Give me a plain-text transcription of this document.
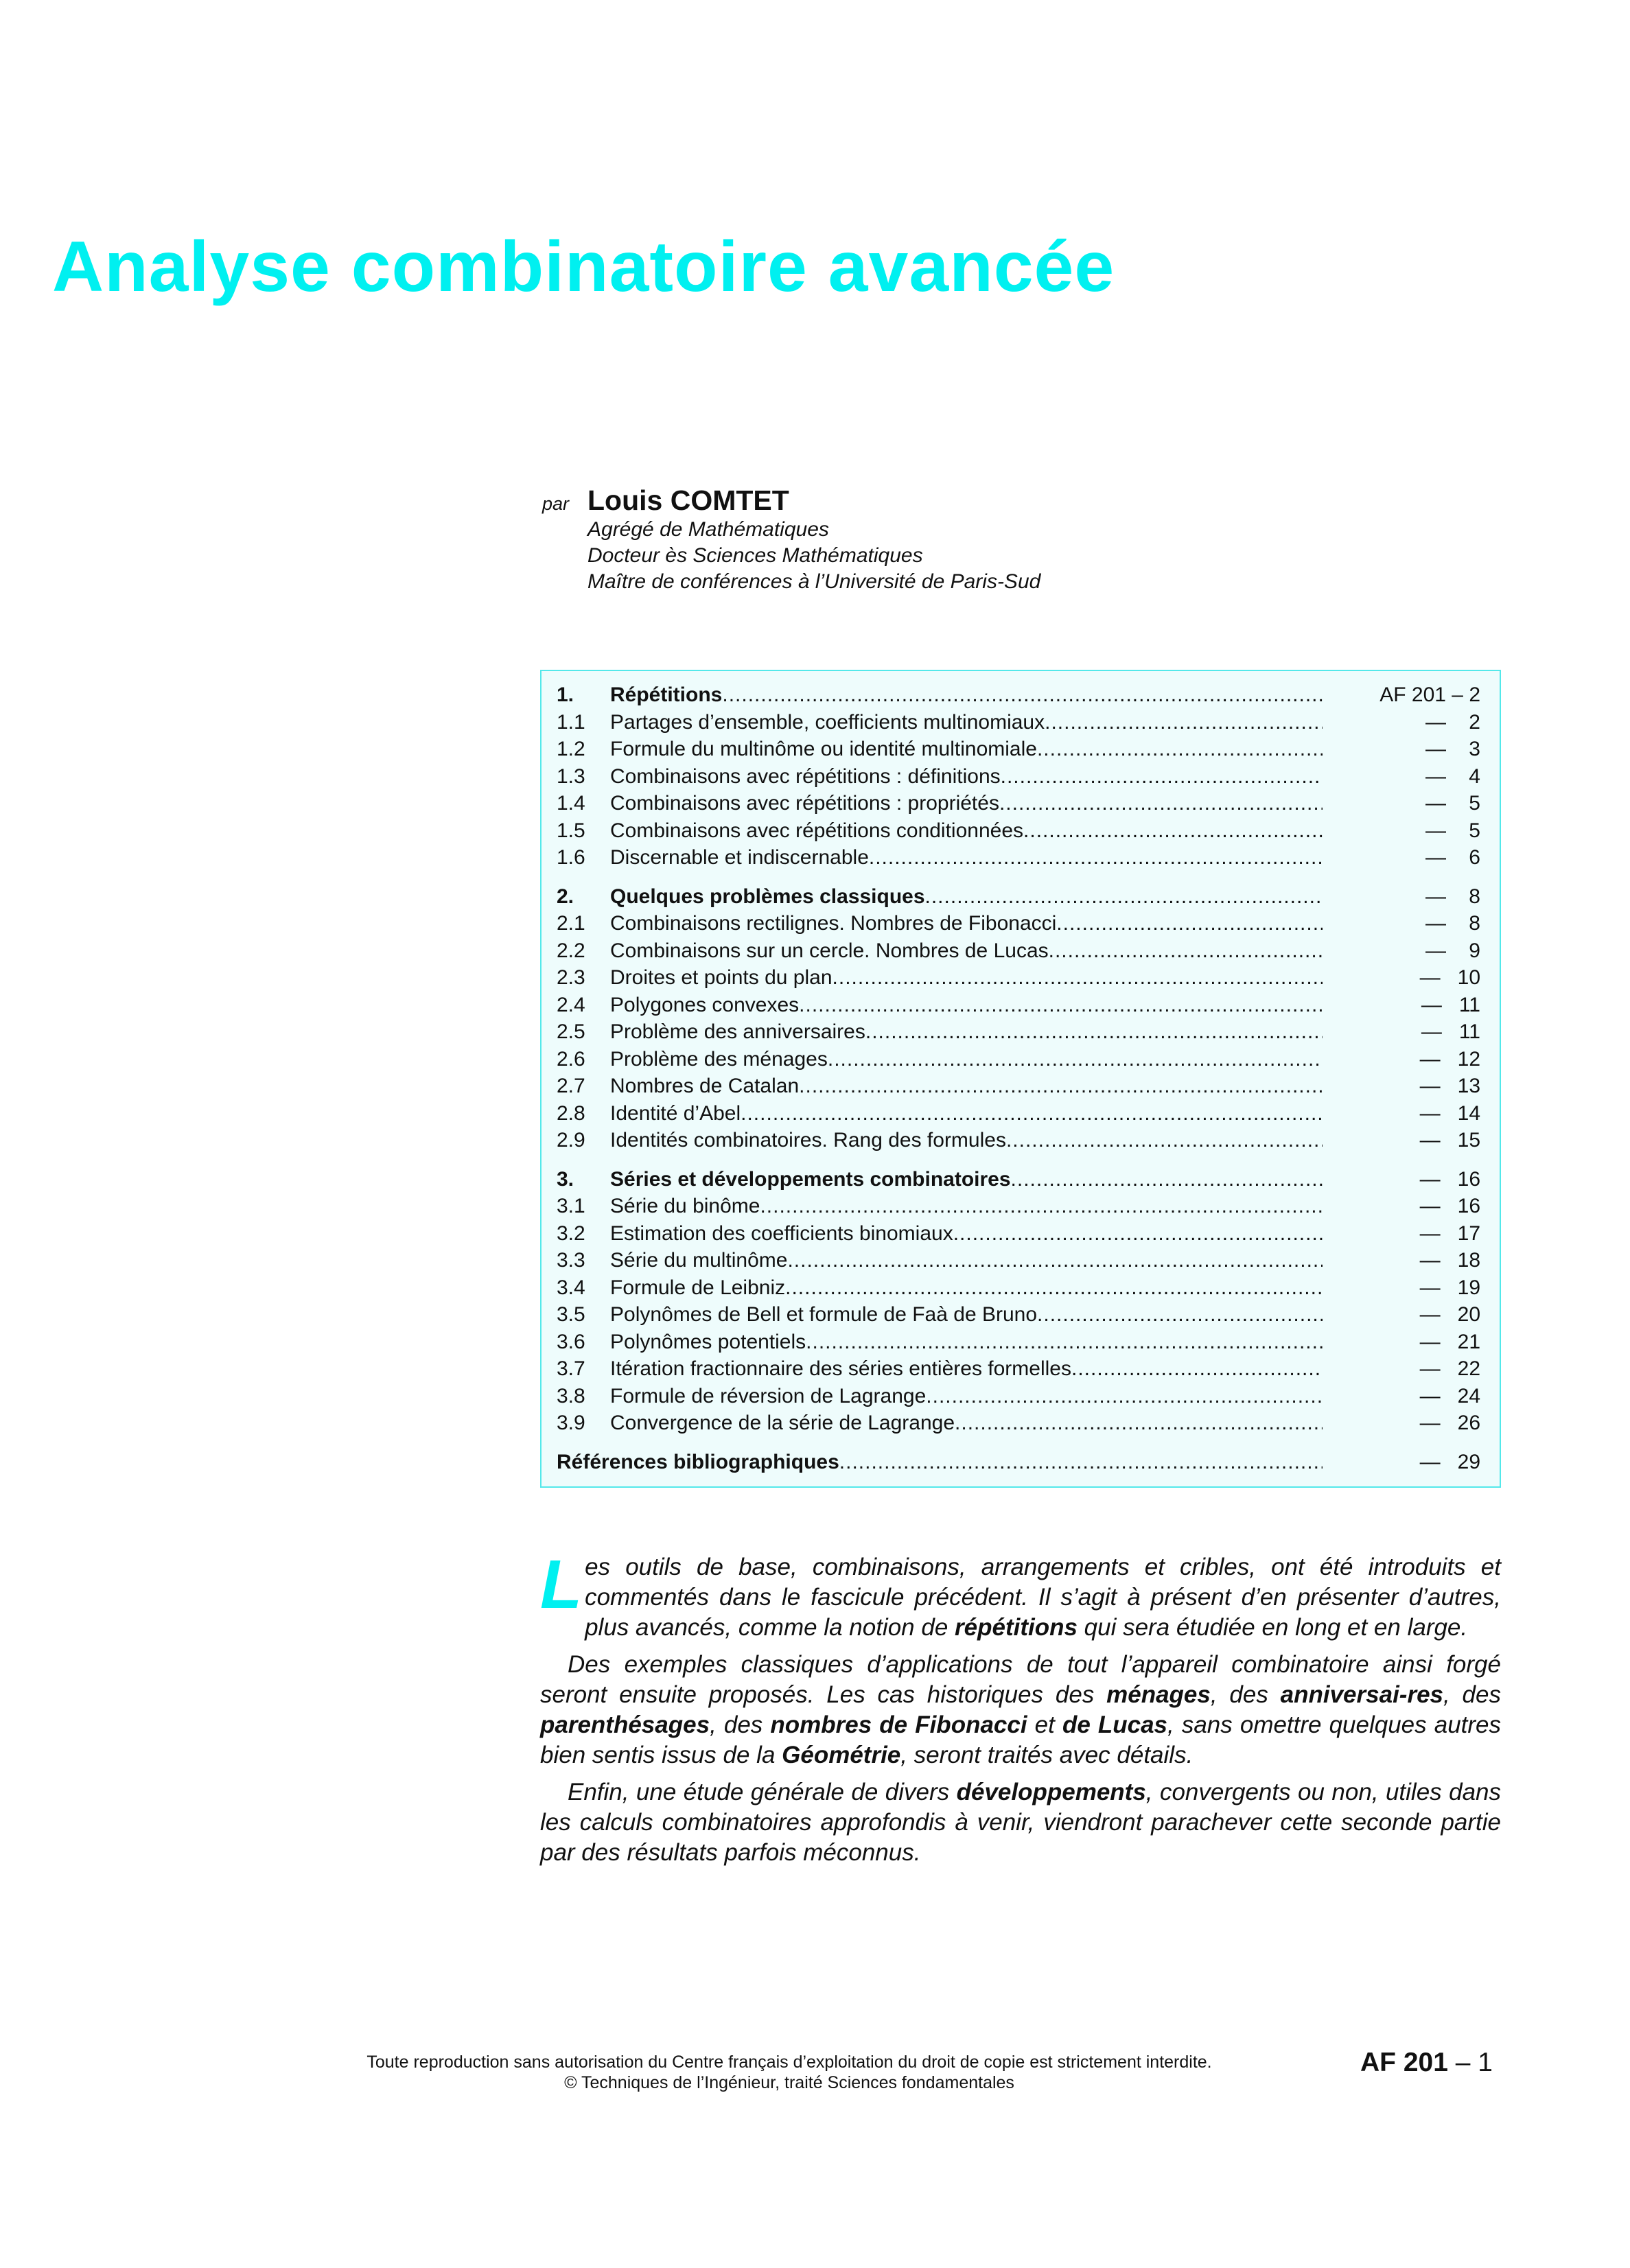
Analyse combinatoire avancée
par Louis COMTET
Agrégé de Mathématiques
Docteur ès Sciences Mathématiques
Maître de conférences à l’Université de Paris-Sud
1.	Répétitions .....	AF 201 – 2
1.1	Partages d’ensemble, coefficients multinomiaux .....	—    2
1.2	Formule du multinôme ou identité multinomiale .....	—    3
1.3	Combinaisons avec répétitions : définitions .....	—    4
1.4	Combinaisons avec répétitions : propriétés .....	—    5
1.5	Combinaisons avec répétitions conditionnées .....	—    5
1.6	Discernable et indiscernable .....	—    6
2.	Quelques problèmes classiques .....	—    8
2.1	Combinaisons rectilignes. Nombres de Fibonacci .....	—    8
2.2	Combinaisons sur un cercle. Nombres de Lucas .....	—    9
2.3	Droites et points du plan .....	—   10
2.4	Polygones convexes .....	—   11
2.5	Problème des anniversaires .....	—   11
2.6	Problème des ménages .....	—   12
2.7	Nombres de Catalan .....	—   13
2.8	Identité d’Abel .....	—   14
2.9	Identités combinatoires. Rang des formules .....	—   15
3.	Séries et développements combinatoires .....	—   16
3.1	Série du binôme .....	—   16
3.2	Estimation des coefficients binomiaux .....	—   17
3.3	Série du multinôme .....	—   18
3.4	Formule de Leibniz .....	—   19
3.5	Polynômes de Bell et formule de Faà de Bruno .....	—   20
3.6	Polynômes potentiels .....	—   21
3.7	Itération fractionnaire des séries entières formelles .....	—   22
3.8	Formule de réversion de Lagrange .....	—   24
3.9	Convergence de la série de Lagrange .....	—   26
Références bibliographiques .....	—   29

Les outils de base, combinaisons, arrangements et cribles, ont été introduits et commentés dans le fascicule précédent. Il s’agit à présent d’en présenter d’autres, plus avancés, comme la notion de répétitions qui sera étudiée en long et en large.

Des exemples classiques d’applications de tout l’appareil combinatoire ainsi forgé seront ensuite proposés. Les cas historiques des ménages, des anniversai-res, des parenthésages, des nombres de Fibonacci et de Lucas, sans omettre quelques autres bien sentis issus de la Géométrie, seront traités avec détails.

Enfin, une étude générale de divers développements, convergents ou non, utiles dans les calculs combinatoires approfondis à venir, viendront parachever cette seconde partie par des résultats parfois méconnus.

Toute reproduction sans autorisation du Centre français d’exploitation du droit de copie est strictement interdite.
© Techniques de l’Ingénieur, traité Sciences fondamentales
AF 201 – 1
